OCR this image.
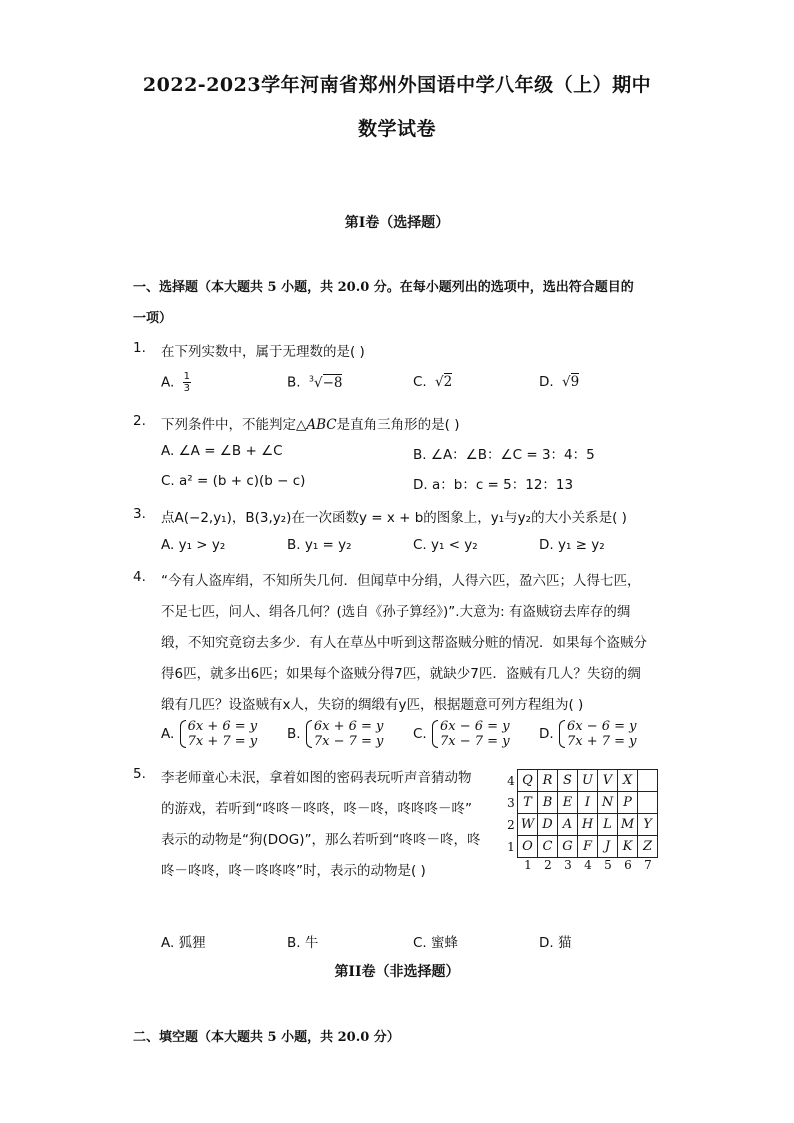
2022-2023学年河南省郑州外国语中学八年级（上）期中
数学试卷
第I卷（选择题）
一、选择题（本大题共 5 小题，共 20.0 分。在每小题列出的选项中，选出符合题目的
一项）
1. 在下列实数中，属于无理数的是( )
A. $\frac{1}{3}$	B. $^3$√−8	C. √2	D. √9
2. 下列条件中，不能判定△ABC是直角三角形的是( )
A. ∠A = ∠B + ∠C	B. ∠A：∠B：∠C = 3：4：5
C. a² = (b + c)(b − c)	D. a：b：c = 5：12：13
3. 点A(−2,y₁)，B(3,y₂)在一次函数y = x + b的图象上，y₁与y₂的大小关系是( )
A. y₁ > y₂	B. y₁ = y₂	C. y₁ < y₂	D. y₁ ≥ y₂
4. “今有人盗库绢，不知所失几何．但闻草中分绢，人得六匹，盈六匹；人得七匹，
不足七匹，问人、绢各几何？(选自《孙子算经》)”.大意为: 有盗贼窃去库存的绸
缎，不知究竟窃去多少．有人在草丛中听到这帮盗贼分赃的情况．如果每个盗贼分
得6匹，就多出6匹；如果每个盗贼分得7匹，就缺少7匹．盗贼有几人？失窃的绸
缎有几匹？设盗贼有x人，失窃的绸缎有y匹，根据题意可列方程组为( )
A. 6x + 6 = y
7x + 7 = y B. 6x + 6 = y
7x − 7 = y C. 6x − 6 = y
7x − 7 = y D. 6x − 6 = y
7x + 7 = y
5. 李老师童心未泯，拿着如图的密码表玩听声音猜动物
的游戏，若听到“咚咚－咚咚，咚－咚，咚咚咚－咚”
表示的动物是“狗(DOG)”，那么若听到“咚咚－咚，咚
咚－咚咚，咚－咚咚咚”时，表示的动物是( )
4	Q	R	S	U	V	X	
3	T	B	E	I	N	P	
2	W	D	A	H	L	M	Y
1	O	C	G	F	J	K	Z
1	2	3	4	5	6	7
A. 狐狸	B. 牛	C. 蜜蜂	D. 猫
第II卷（非选择题）
二、填空题（本大题共 5 小题，共 20.0 分）
